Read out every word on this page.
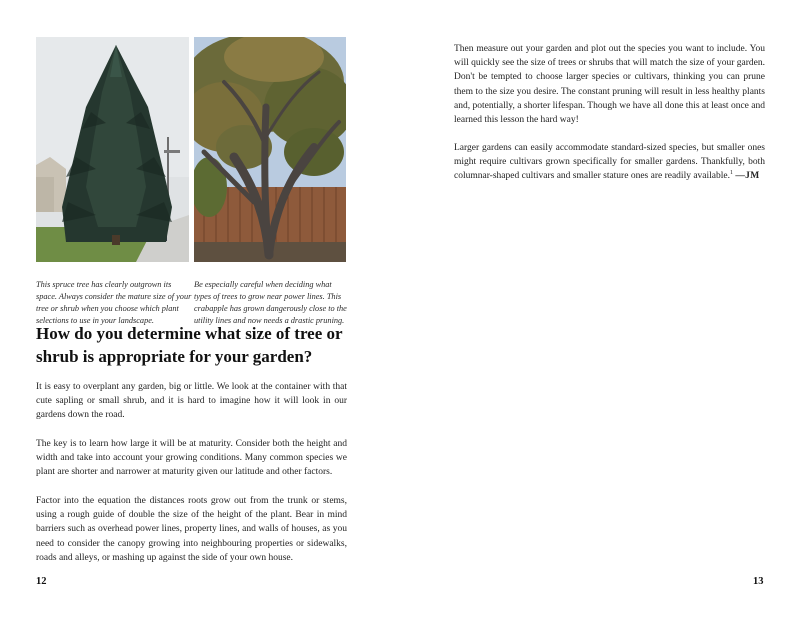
This spruce tree has clearly outgrown its space. Always consider the mature size of your tree or shrub when you choose which plant selections to use in your landscape.

Be especially careful when deciding what types of trees to grow near power lines. This crabapple has grown dangerously close to the utility lines and now needs a drastic pruning.

How do you determine what size of tree or shrub is appropriate for your garden?

It is easy to overplant any garden, big or little. We look at the container with that cute sapling or small shrub, and it is hard to imagine how it will look in our gardens down the road.

The key is to learn how large it will be at maturity. Consider both the height and width and take into account your growing conditions. Many common species we plant are shorter and narrower at maturity given our latitude and other factors.

Factor into the equation the distances roots grow out from the trunk or stems, using a rough guide of double the size of the height of the plant. Bear in mind barriers such as overhead power lines, property lines, and walls of houses, as you need to consider the canopy growing into neighbouring properties or sidewalks, roads and alleys, or mashing up against the side of your own house.

Then measure out your garden and plot out the species you want to include. You will quickly see the size of trees or shrubs that will match the size of your garden. Don't be tempted to choose larger species or cultivars, thinking you can prune them to the size you desire. The constant pruning will result in less healthy plants and, potentially, a shorter lifespan. Though we have all done this at least once and learned this lesson the hard way!

Larger gardens can easily accommodate standard-sized species, but smaller ones might require cultivars grown specifically for smaller gardens. Thankfully, both columnar-shaped cultivars and smaller stature ones are readily available.$^1$ —JM

12	13
